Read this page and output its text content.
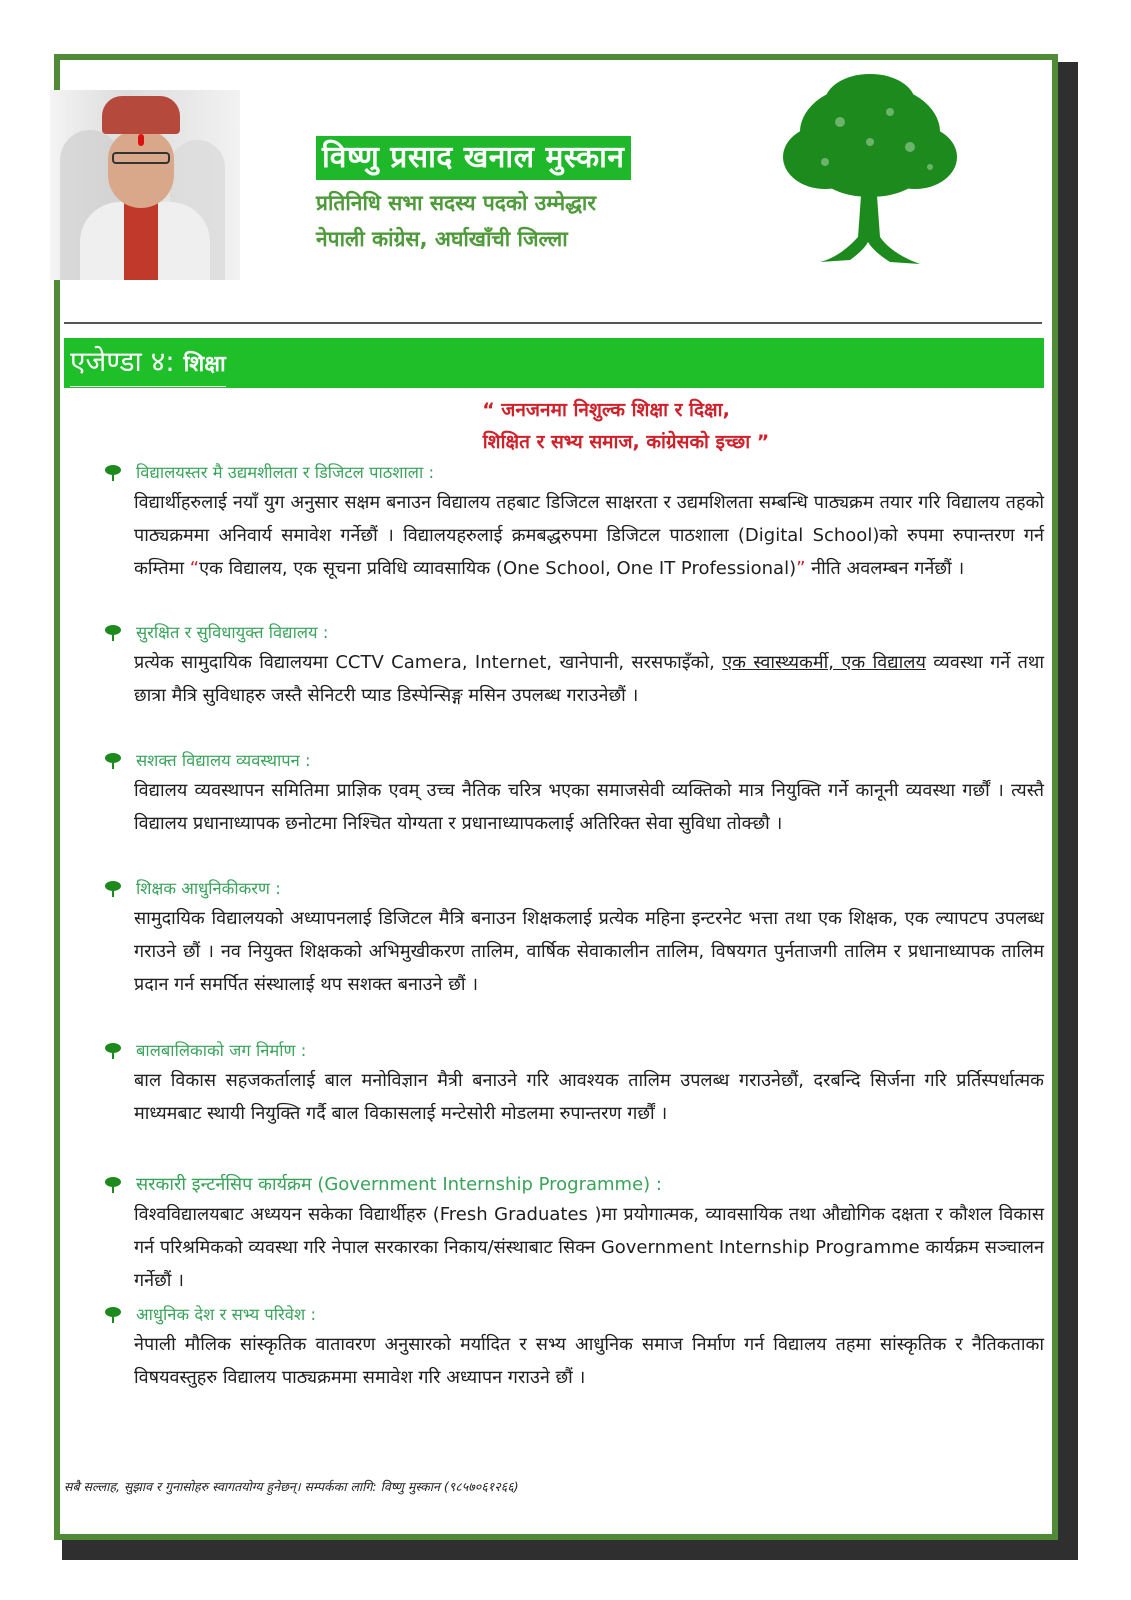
विष्णु प्रसाद खनाल मुस्कान
प्रतिनिधि सभा सदस्य पदको उम्मेद्धार
नेपाली कांग्रेस, अर्घाखाँची जिल्ला
एजेण्डा ४: शिक्षा
“ जनजनमा निशुल्क शिक्षा र दिक्षा,
शिक्षित र सभ्य समाज, कांग्रेसको इच्छा ”
विद्यालयस्तर मै उद्यमशीलता र डिजिटल पाठशाला :
विद्यार्थीहरुलाई नयाँ युग अनुसार सक्षम बनाउन विद्यालय तहबाट डिजिटल साक्षरता र उद्यमशिलता सम्बन्धि पाठ्यक्रम तयार गरि विद्यालय तहको पाठ्यक्रममा अनिवार्य समावेश गर्नेछौं । विद्यालयहरुलाई क्रमबद्धरुपमा डिजिटल पाठशाला (Digital School)को रुपमा रुपान्तरण गर्न कम्तिमा “एक विद्यालय, एक सूचना प्रविधि व्यावसायिक (One School, One IT Professional)” नीति अवलम्बन गर्नेछौं ।
सुरक्षित र सुविधायुक्त विद्यालय :
प्रत्येक सामुदायिक विद्यालयमा CCTV Camera, Internet, खानेपानी, सरसफाइँको, एक स्वास्थ्यकर्मी, एक विद्यालय व्यवस्था गर्ने तथा छात्रा मैत्रि सुविधाहरु जस्तै सेनिटरी प्याड डिस्पेन्सिङ्ग मसिन उपलब्ध गराउनेछौं ।
सशक्त विद्यालय व्यवस्थापन :
विद्यालय व्यवस्थापन समितिमा प्राज्ञिक एवम् उच्च नैतिक चरित्र भएका समाजसेवी व्यक्तिको मात्र नियुक्ति गर्ने कानूनी व्यवस्था गर्छौं । त्यस्तै विद्यालय प्रधानाध्यापक छनोटमा निश्चित योग्यता र प्रधानाध्यापकलाई अतिरिक्त सेवा सुविधा तोक्छौ ।
शिक्षक आधुनिकीकरण :
सामुदायिक विद्यालयको अध्यापनलाई डिजिटल मैत्रि बनाउन शिक्षकलाई प्रत्येक महिना इन्टरनेट भत्ता तथा एक शिक्षक, एक ल्यापटप उपलब्ध गराउने छौं । नव नियुक्त शिक्षकको अभिमुखीकरण तालिम, वार्षिक सेवाकालीन तालिम, विषयगत पुर्नताजगी तालिम र प्रधानाध्यापक तालिम प्रदान गर्न समर्पित संस्थालाई थप सशक्त बनाउने छौं ।
बालबालिकाको जग निर्माण :
बाल विकास सहजकर्तालाई बाल मनोविज्ञान मैत्री बनाउने गरि आवश्यक तालिम उपलब्ध गराउनेछौं, दरबन्दि सिर्जना गरि प्रर्तिस्पर्धात्मक माध्यमबाट स्थायी नियुक्ति गर्दै बाल विकासलाई मन्टेसोरी मोडलमा रुपान्तरण गर्छौं ।
सरकारी इन्टर्नसिप कार्यक्रम (Government Internship Programme) :
विश्वविद्यालयबाट अध्ययन सकेका विद्यार्थीहरु (Fresh Graduates )मा प्रयोगात्मक, व्यावसायिक तथा औद्योगिक दक्षता र कौशल विकास गर्न परिश्रमिकको व्यवस्था गरि नेपाल सरकारका निकाय/संस्थाबाट सिक्न Government Internship Programme कार्यक्रम सञ्चालन गर्नेछौं ।
आधुनिक देश र सभ्य परिवेश :
नेपाली मौलिक सांस्कृतिक वातावरण अनुसारको मर्यादित र सभ्य आधुनिक समाज निर्माण गर्न विद्यालय तहमा सांस्कृतिक र नैतिकताका विषयवस्तुहरु विद्यालय पाठ्यक्रममा समावेश गरि अध्यापन गराउने छौं ।
सबै सल्लाह, सुझाव र गुनासोहरु स्वागतयोग्य हुनेछन्। सम्पर्कका लागि: विष्णु मुस्कान (९८५७०६१२६६)
